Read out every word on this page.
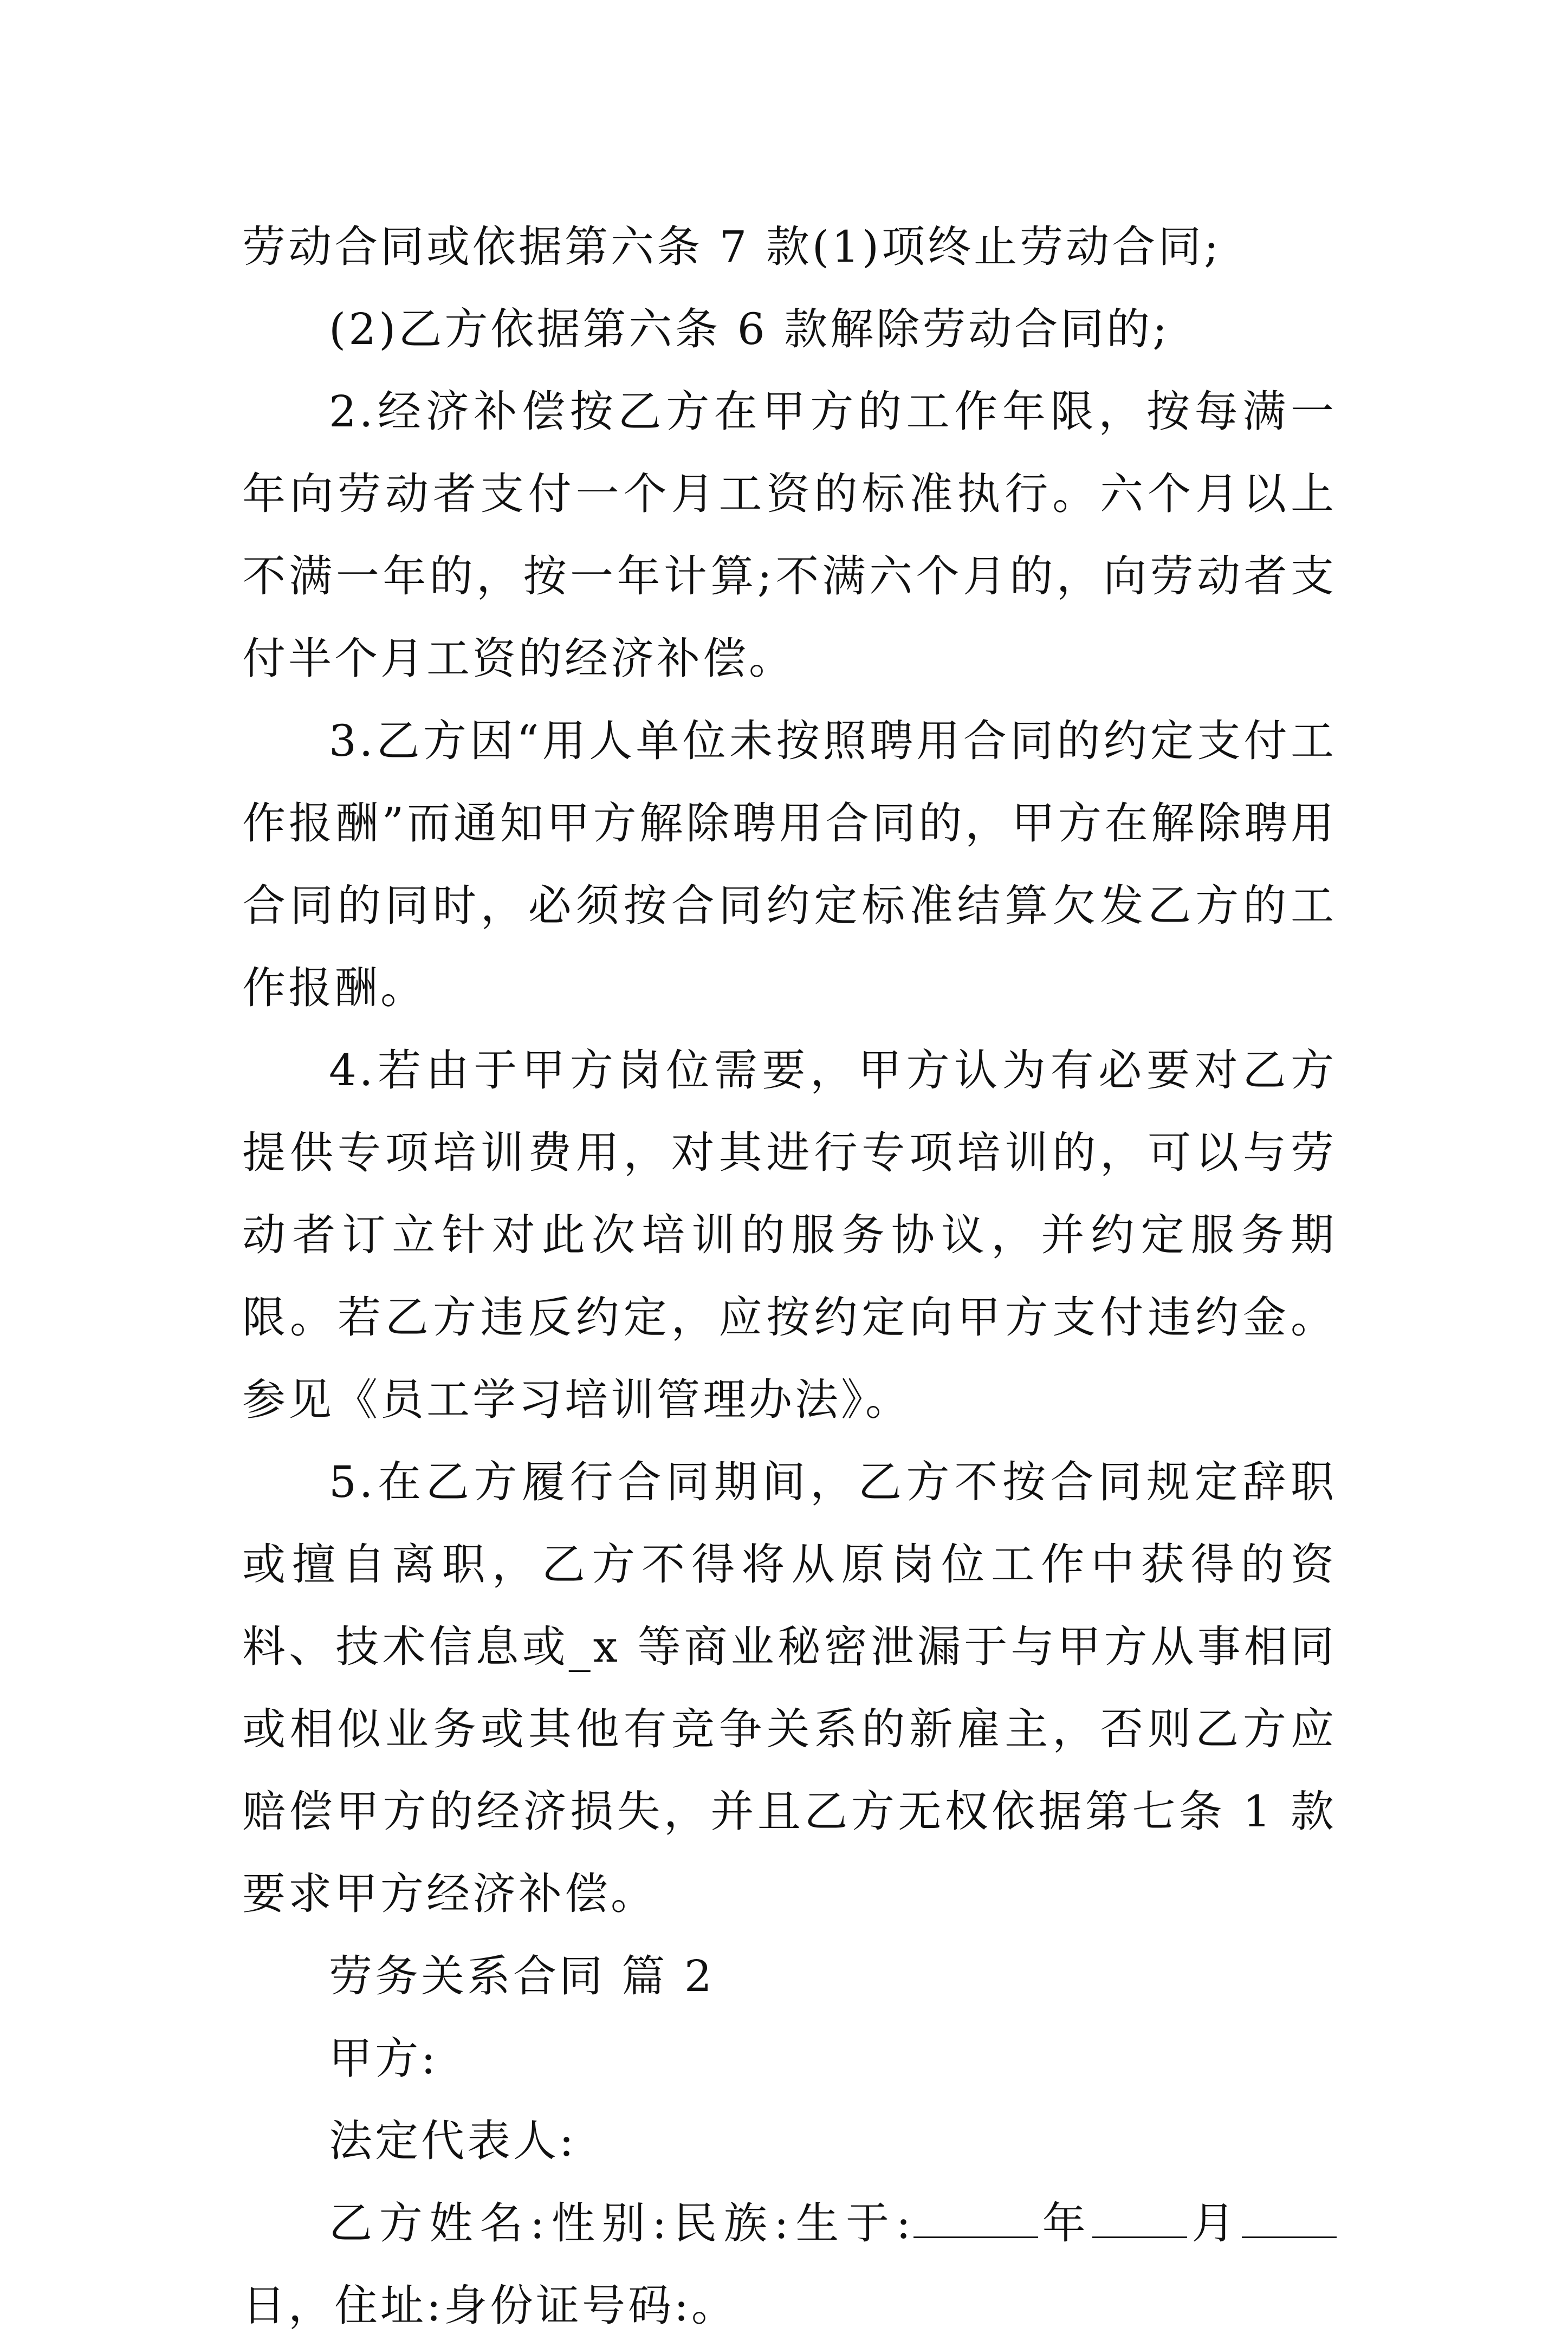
劳动合同或依据第六条 7 款(1)项终止劳动合同;

(2)乙方依据第六条 6 款解除劳动合同的;

2.经济补偿按乙方在甲方的工作年限，按每满一年向劳动者支付一个月工资的标准执行。六个月以上不满一年的，按一年计算;不满六个月的，向劳动者支付半个月工资的经济补偿。

3.乙方因“用人单位未按照聘用合同的约定支付工作报酬”而通知甲方解除聘用合同的，甲方在解除聘用合同的同时，必须按合同约定标准结算欠发乙方的工作报酬。

4.若由于甲方岗位需要，甲方认为有必要对乙方提供专项培训费用，对其进行专项培训的，可以与劳动者订立针对此次培训的服务协议，并约定服务期限。若乙方违反约定，应按约定向甲方支付违约金。参见《员工学习培训管理办法》。

5.在乙方履行合同期间，乙方不按合同规定辞职或擅自离职，乙方不得将从原岗位工作中获得的资料、技术信息或_x 等商业秘密泄漏于与甲方从事相同或相似业务或其他有竞争关系的新雇主，否则乙方应赔偿甲方的经济损失，并且乙方无权依据第七条 1 款要求甲方经济补偿。

劳务关系合同 篇 2

甲方:

法定代表人:

乙方姓名:性别:民族:生于:	年 月日，住址:身份证号码:。
